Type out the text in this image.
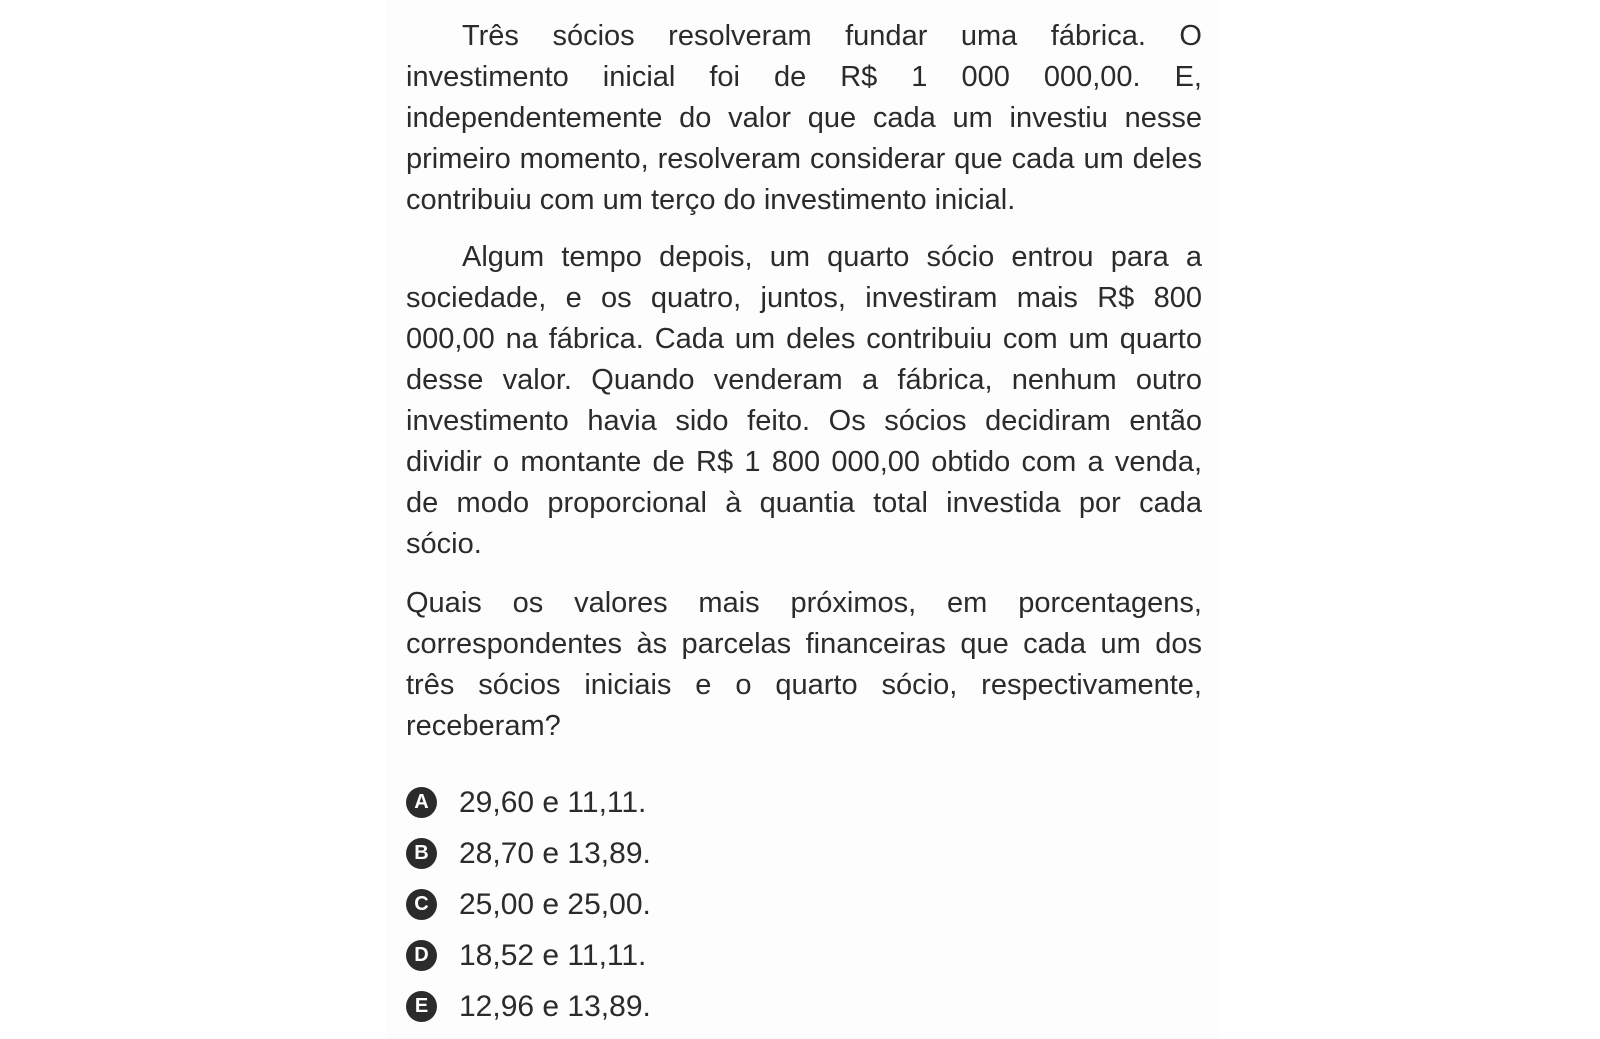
Três sócios resolveram fundar uma fábrica. O investimento inicial foi de R$ 1 000 000,00. E, independentemente do valor que cada um investiu nesse primeiro momento, resolveram considerar que cada um deles contribuiu com um terço do investimento inicial.

Algum tempo depois, um quarto sócio entrou para a sociedade, e os quatro, juntos, investiram mais R$ 800 000,00 na fábrica. Cada um deles contribuiu com um quarto desse valor. Quando venderam a fábrica, nenhum outro investimento havia sido feito. Os sócios decidiram então dividir o montante de R$ 1 800 000,00 obtido com a venda, de modo proporcional à quantia total investida por cada sócio.

Quais os valores mais próximos, em porcentagens, correspondentes às parcelas financeiras que cada um dos três sócios iniciais e o quarto sócio, respectivamente, receberam?

A 29,60 e 11,11.
B 28,70 e 13,89.
C 25,00 e 25,00.
D 18,52 e 11,11.
E 12,96 e 13,89.
